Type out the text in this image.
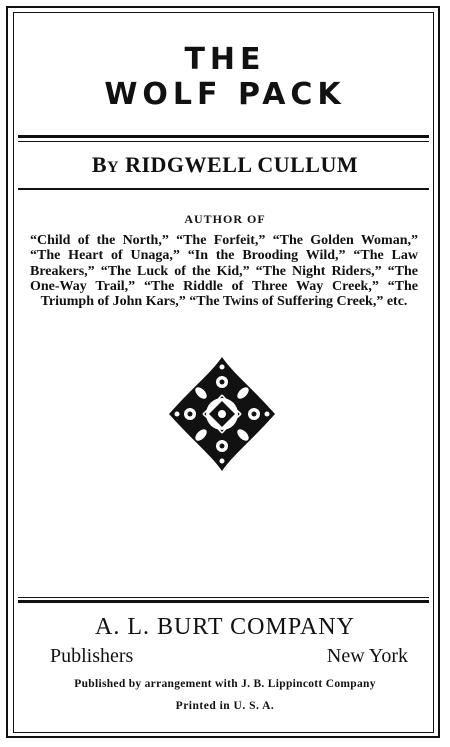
THE
WOLF PACK
BY RIDGWELL CULLUM
AUTHOR OF
“Child of the North,” “The Forfeit,” “The Golden Woman,” “The Heart of Unaga,” “In the Brooding Wild,” “The Law Breakers,” “The Luck of the Kid,” “The Night Riders,” “The One-Way Trail,” “The Riddle of Three Way Creek,” “The Triumph of John Kars,” “The Twins of Suffering Creek,” etc.
A. L. BURT COMPANY
Publishers	New York
Published by arrangement with J. B. Lippincott Company
Printed in U. S. A.
